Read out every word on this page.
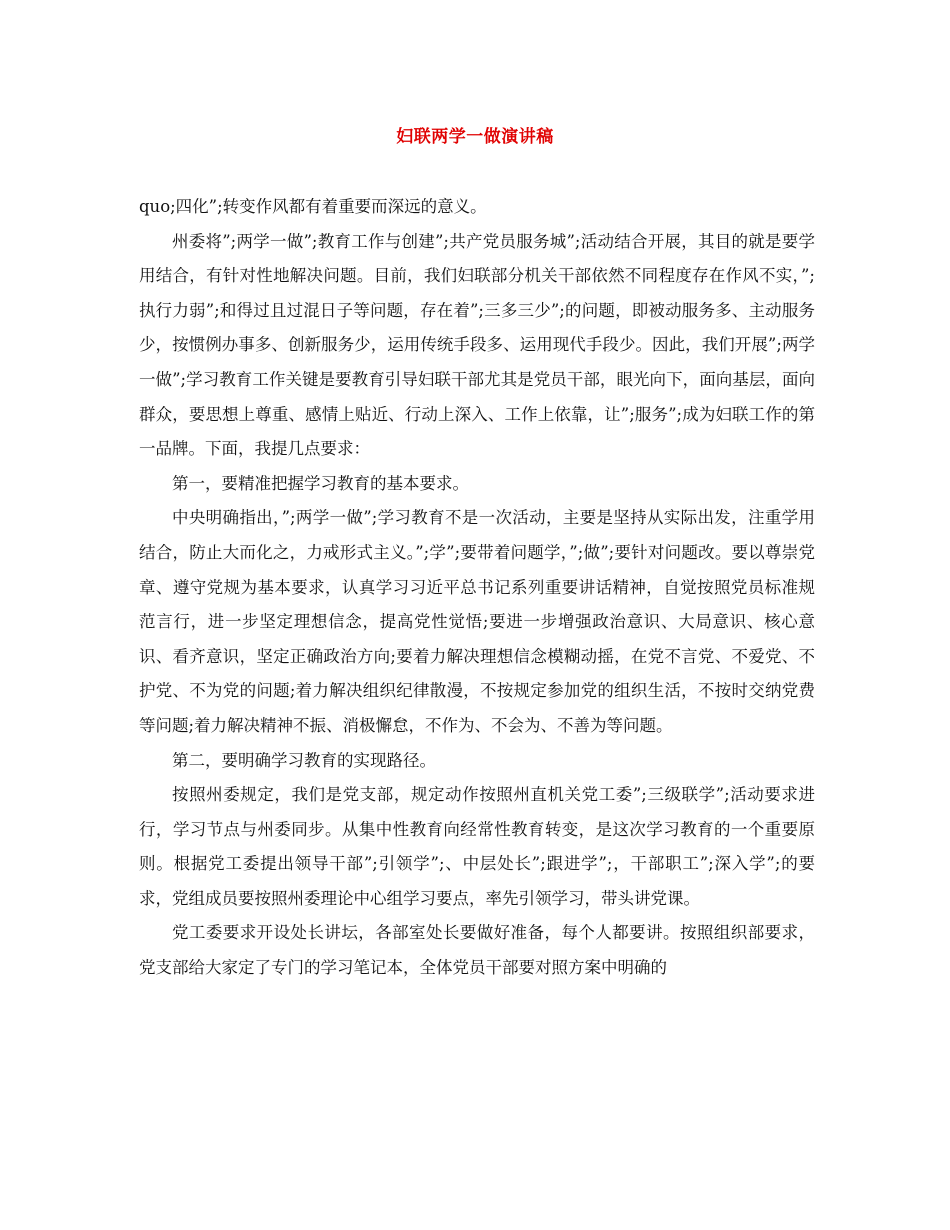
妇联两学一做演讲稿

quo;四化”;转变作风都有着重要而深远的意义。

州委将”;两学一做”;教育工作与创建”;共产党员服务城”;活动结合开展，其目的就是要学用结合，有针对性地解决问题。目前，我们妇联部分机关干部依然不同程度存在作风不实，”;执行力弱”;和得过且过混日子等问题，存在着”;三多三少”;的问题，即被动服务多、主动服务少，按惯例办事多、创新服务少，运用传统手段多、运用现代手段少。因此，我们开展”;两学一做”;学习教育工作关键是要教育引导妇联干部尤其是党员干部，眼光向下，面向基层，面向群众，要思想上尊重、感情上贴近、行动上深入、工作上依靠，让”;服务”;成为妇联工作的第一品牌。下面，我提几点要求：

第一，要精准把握学习教育的基本要求。

中央明确指出，”;两学一做”;学习教育不是一次活动，主要是坚持从实际出发，注重学用结合，防止大而化之，力戒形式主义。”;学”;要带着问题学，”;做”;要针对问题改。要以尊崇党章、遵守党规为基本要求，认真学习习近平总书记系列重要讲话精神，自觉按照党员标准规范言行，进一步坚定理想信念，提高党性觉悟;要进一步增强政治意识、大局意识、核心意识、看齐意识，坚定正确政治方向;要着力解决理想信念模糊动摇，在党不言党、不爱党、不护党、不为党的问题;着力解决组织纪律散漫，不按规定参加党的组织生活，不按时交纳党费等问题;着力解决精神不振、消极懈怠，不作为、不会为、不善为等问题。

第二，要明确学习教育的实现路径。

按照州委规定，我们是党支部，规定动作按照州直机关党工委”;三级联学”;活动要求进行，学习节点与州委同步。从集中性教育向经常性教育转变，是这次学习教育的一个重要原则。根据党工委提出领导干部”;引领学”;、中层处长”;跟进学”;，干部职工”;深入学”;的要求，党组成员要按照州委理论中心组学习要点，率先引领学习，带头讲党课。

党工委要求开设处长讲坛，各部室处长要做好准备，每个人都要讲。按照组织部要求，党支部给大家定了专门的学习笔记本，全体党员干部要对照方案中明确的
